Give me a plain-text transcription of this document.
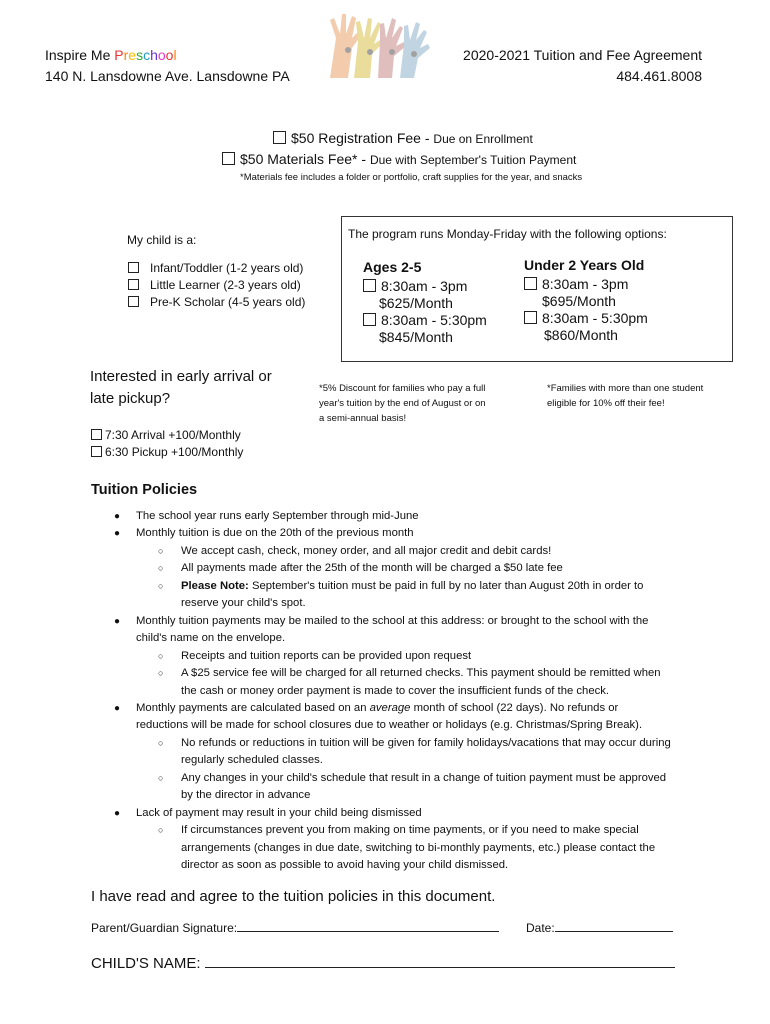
Inspire Me Preschool
140 N. Lansdowne Ave. Lansdowne PA
2020-2021 Tuition and Fee Agreement
484.461.8008
$50 Registration Fee - Due on Enrollment
$50 Materials Fee* - Due with September's Tuition Payment
*Materials fee includes a folder or portfolio, craft supplies for the year, and snacks
My child is a:
Infant/Toddler (1-2 years old)
Little Learner (2-3 years old)
Pre-K Scholar (4-5 years old)
The program runs Monday-Friday with the following options:
Ages 2-5
8:30am - 3pm
$625/Month
8:30am - 5:30pm
$845/Month
Under 2 Years Old
8:30am - 3pm
$695/Month
8:30am - 5:30pm
$860/Month
Interested in early arrival or
late pickup?
7:30 Arrival +100/Monthly
6:30 Pickup +100/Monthly
*5% Discount for families who pay a full
year's tuition by the end of August or on
a semi-annual basis!
*Families with more than one student
eligible for 10% off their fee!
Tuition Policies
● The school year runs early September through mid-June
● Monthly tuition is due on the 20th of the previous month
○ We accept cash, check, money order, and all major credit and debit cards!
○ All payments made after the 25th of the month will be charged a $50 late fee
○ Please Note: September's tuition must be paid in full by no later than August 20th in order to
reserve your child's spot.
● Monthly tuition payments may be mailed to the school at this address: or brought to the school with the
child's name on the envelope.
○ Receipts and tuition reports can be provided upon request
○ A $25 service fee will be charged for all returned checks. This payment should be remitted when
the cash or money order payment is made to cover the insufficient funds of the check.
● Monthly payments are calculated based on an average month of school (22 days). No refunds or
reductions will be made for school closures due to weather or holidays (e.g. Christmas/Spring Break).
○ No refunds or reductions in tuition will be given for family holidays/vacations that may occur during
regularly scheduled classes.
○ Any changes in your child's schedule that result in a change of tuition payment must be approved
by the director in advance
● Lack of payment may result in your child being dismissed
○ If circumstances prevent you from making on time payments, or if you need to make special
arrangements (changes in due date, switching to bi-monthly payments, etc.) please contact the
director as soon as possible to avoid having your child dismissed.
I have read and agree to the tuition policies in this document.
Parent/Guardian Signature:	Date:
CHILD'S NAME:
